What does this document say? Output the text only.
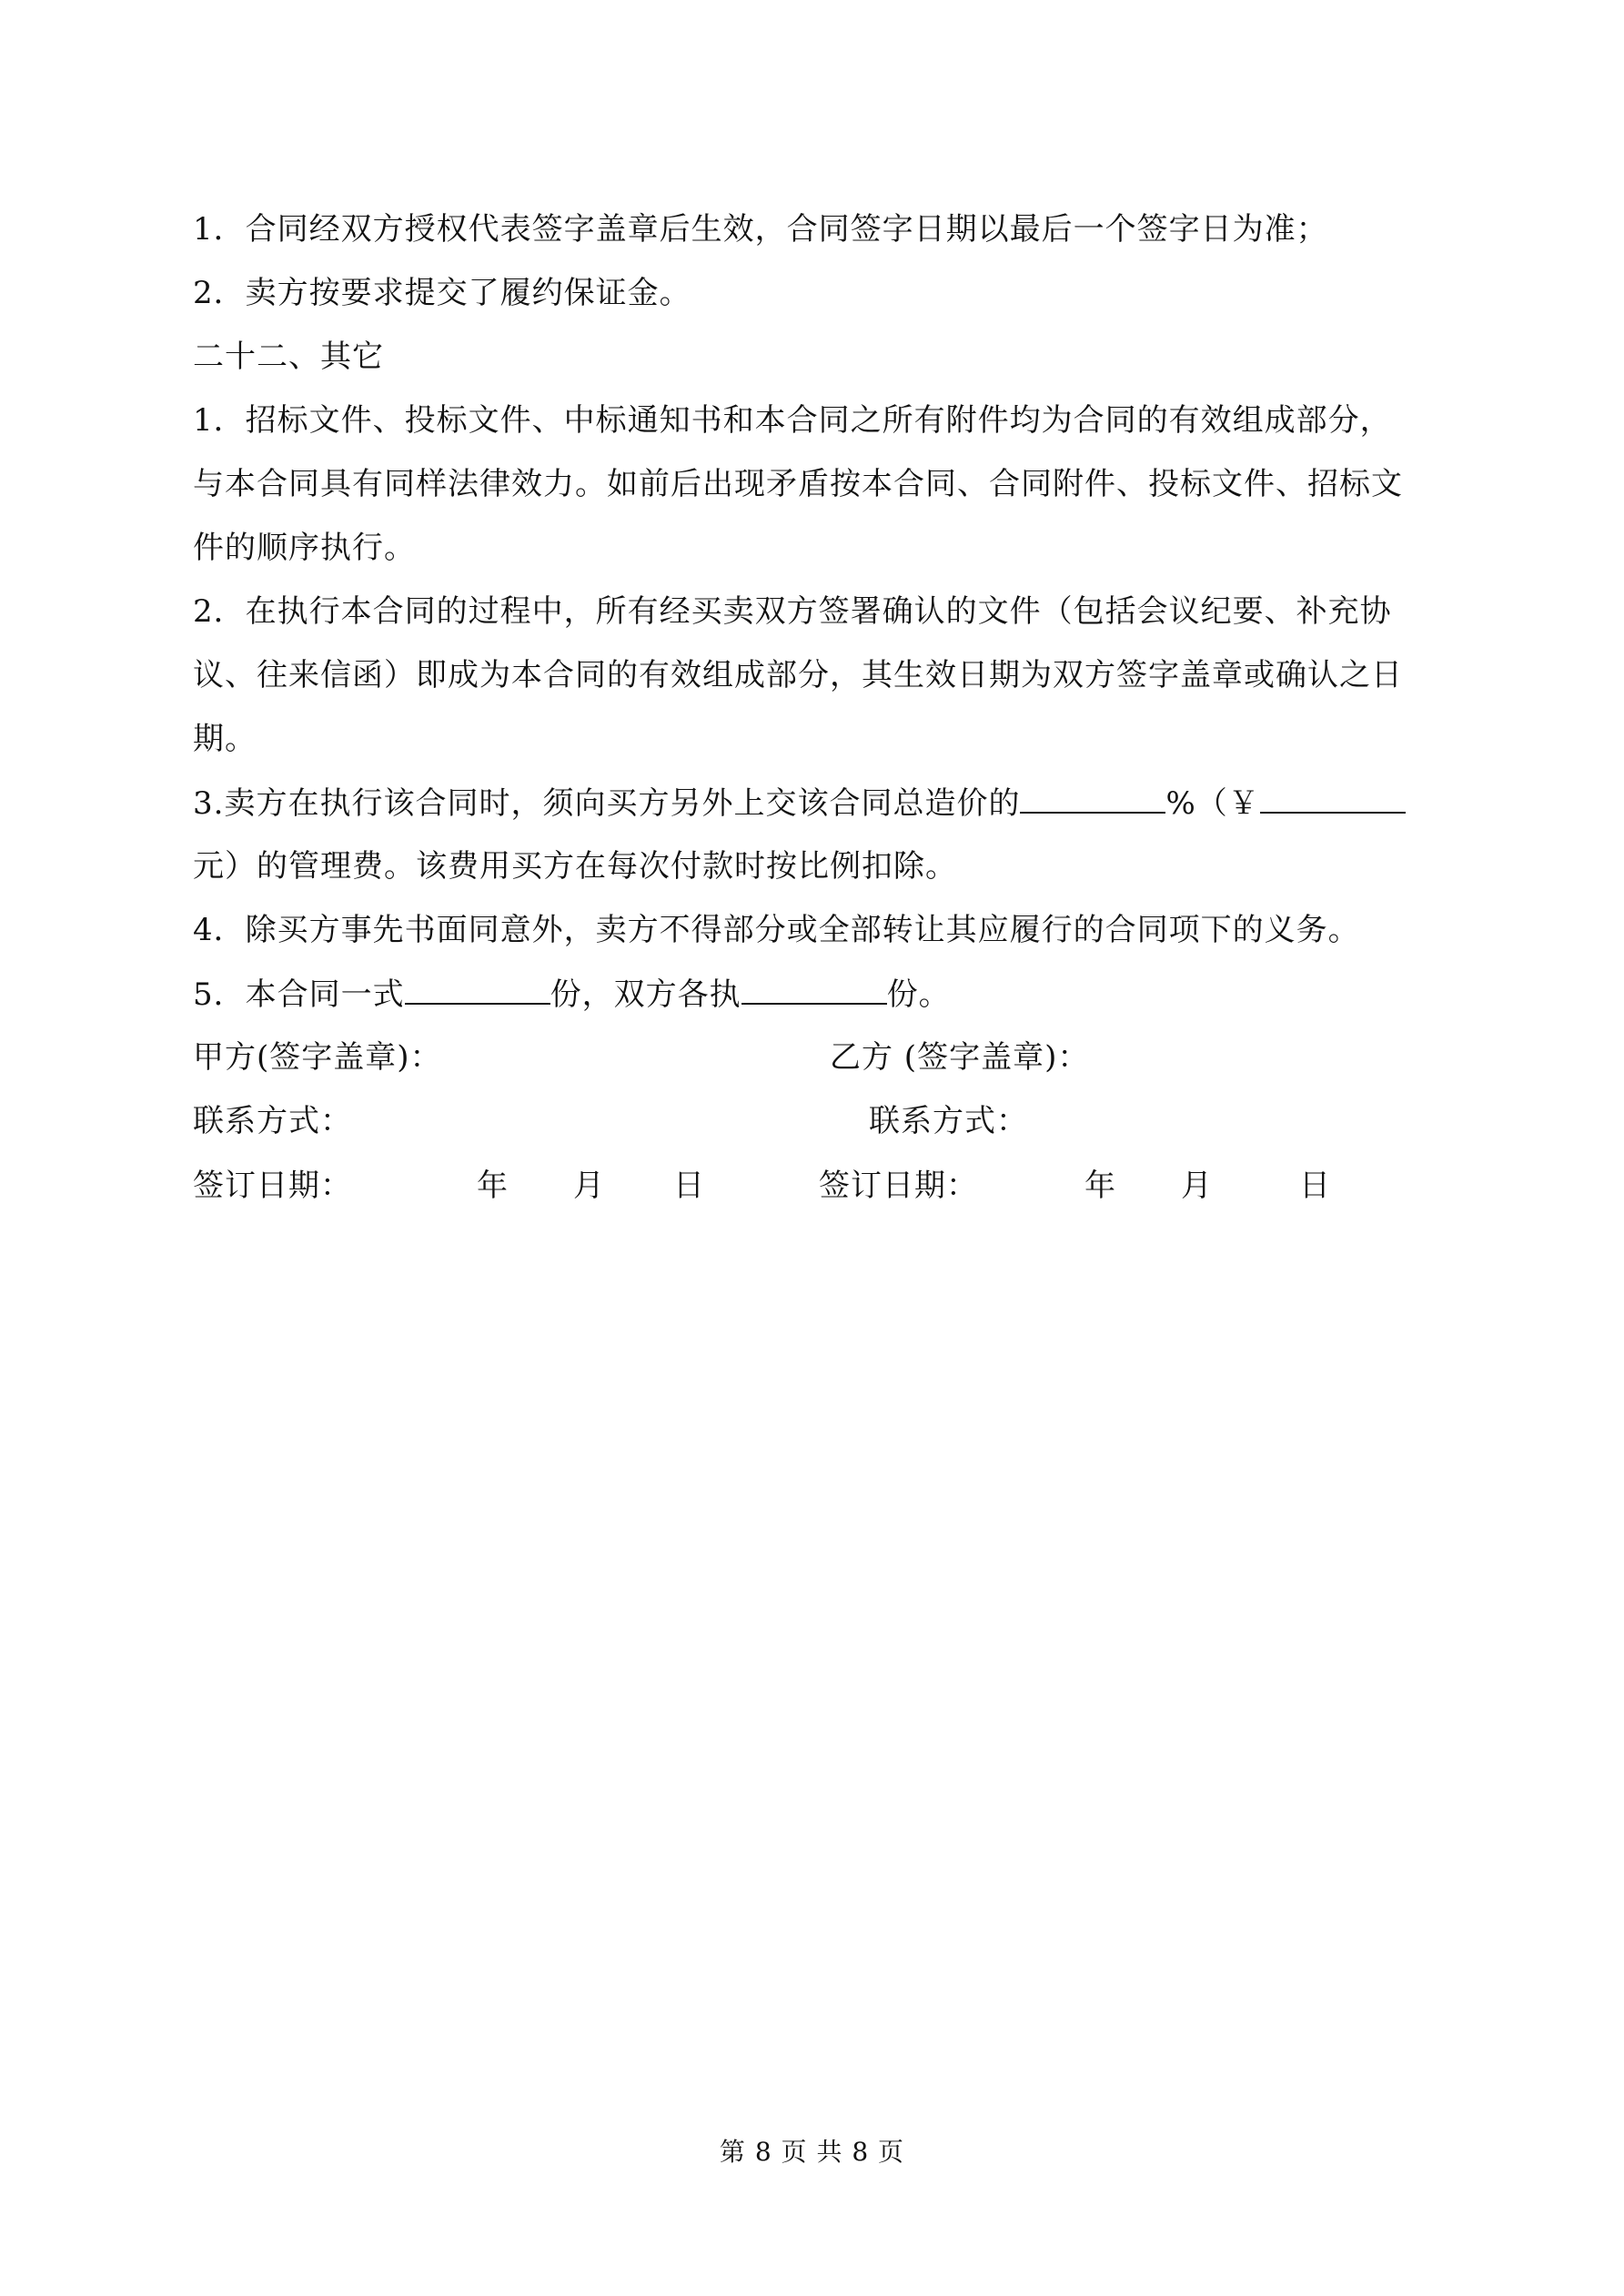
1．合同经双方授权代表签字盖章后生效，合同签字日期以最后一个签字日为准；
2．卖方按要求提交了履约保证金。
二十二、其它
1．招标文件、投标文件、中标通知书和本合同之所有附件均为合同的有效组成部分，
与本合同具有同样法律效力。如前后出现矛盾按本合同、合同附件、投标文件、招标文
件的顺序执行。
2．在执行本合同的过程中，所有经买卖双方签署确认的文件（包括会议纪要、补充协
议、往来信函）即成为本合同的有效组成部分，其生效日期为双方签字盖章或确认之日
期。
3.卖方在执行该合同时，须向买方另外上交该合同总造价的	%（￥
元）的管理费。该费用买方在每次付款时按比例扣除。
4．除买方事先书面同意外，卖方不得部分或全部转让其应履行的合同项下的义务。
5．本合同一式	份，双方各执	份。
甲方(签字盖章)：	乙方 (签字盖章)：
联系方式：	联系方式：
签订日期：	年 月 日	签订日期：	年 月	日
第 8 页 共 8 页
